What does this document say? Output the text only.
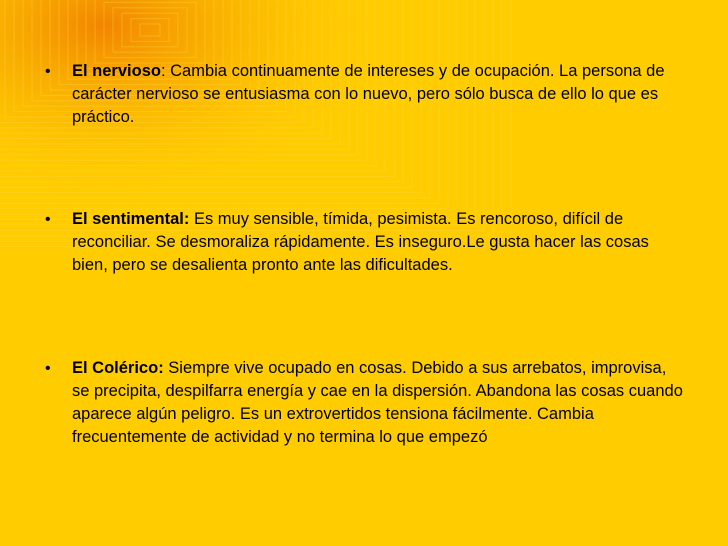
•	El nervioso: Cambia continuamente de intereses y de ocupación. La persona de carácter nervioso se entusiasma con lo nuevo, pero sólo busca de ello lo que es práctico.
•	El sentimental: Es muy sensible, tímida, pesimista. Es rencoroso, difícil de reconciliar. Se desmoraliza rápidamente. Es inseguro.Le gusta hacer las cosas bien, pero se desalienta pronto ante las dificultades.
•	El Colérico: Siempre vive ocupado en cosas. Debido a sus arrebatos, improvisa, se precipita, despilfarra energía y cae en la dispersión. Abandona las cosas cuando aparece algún peligro. Es un extrovertidos tensiona fácilmente. Cambia frecuentemente de actividad y no termina lo que empezó
